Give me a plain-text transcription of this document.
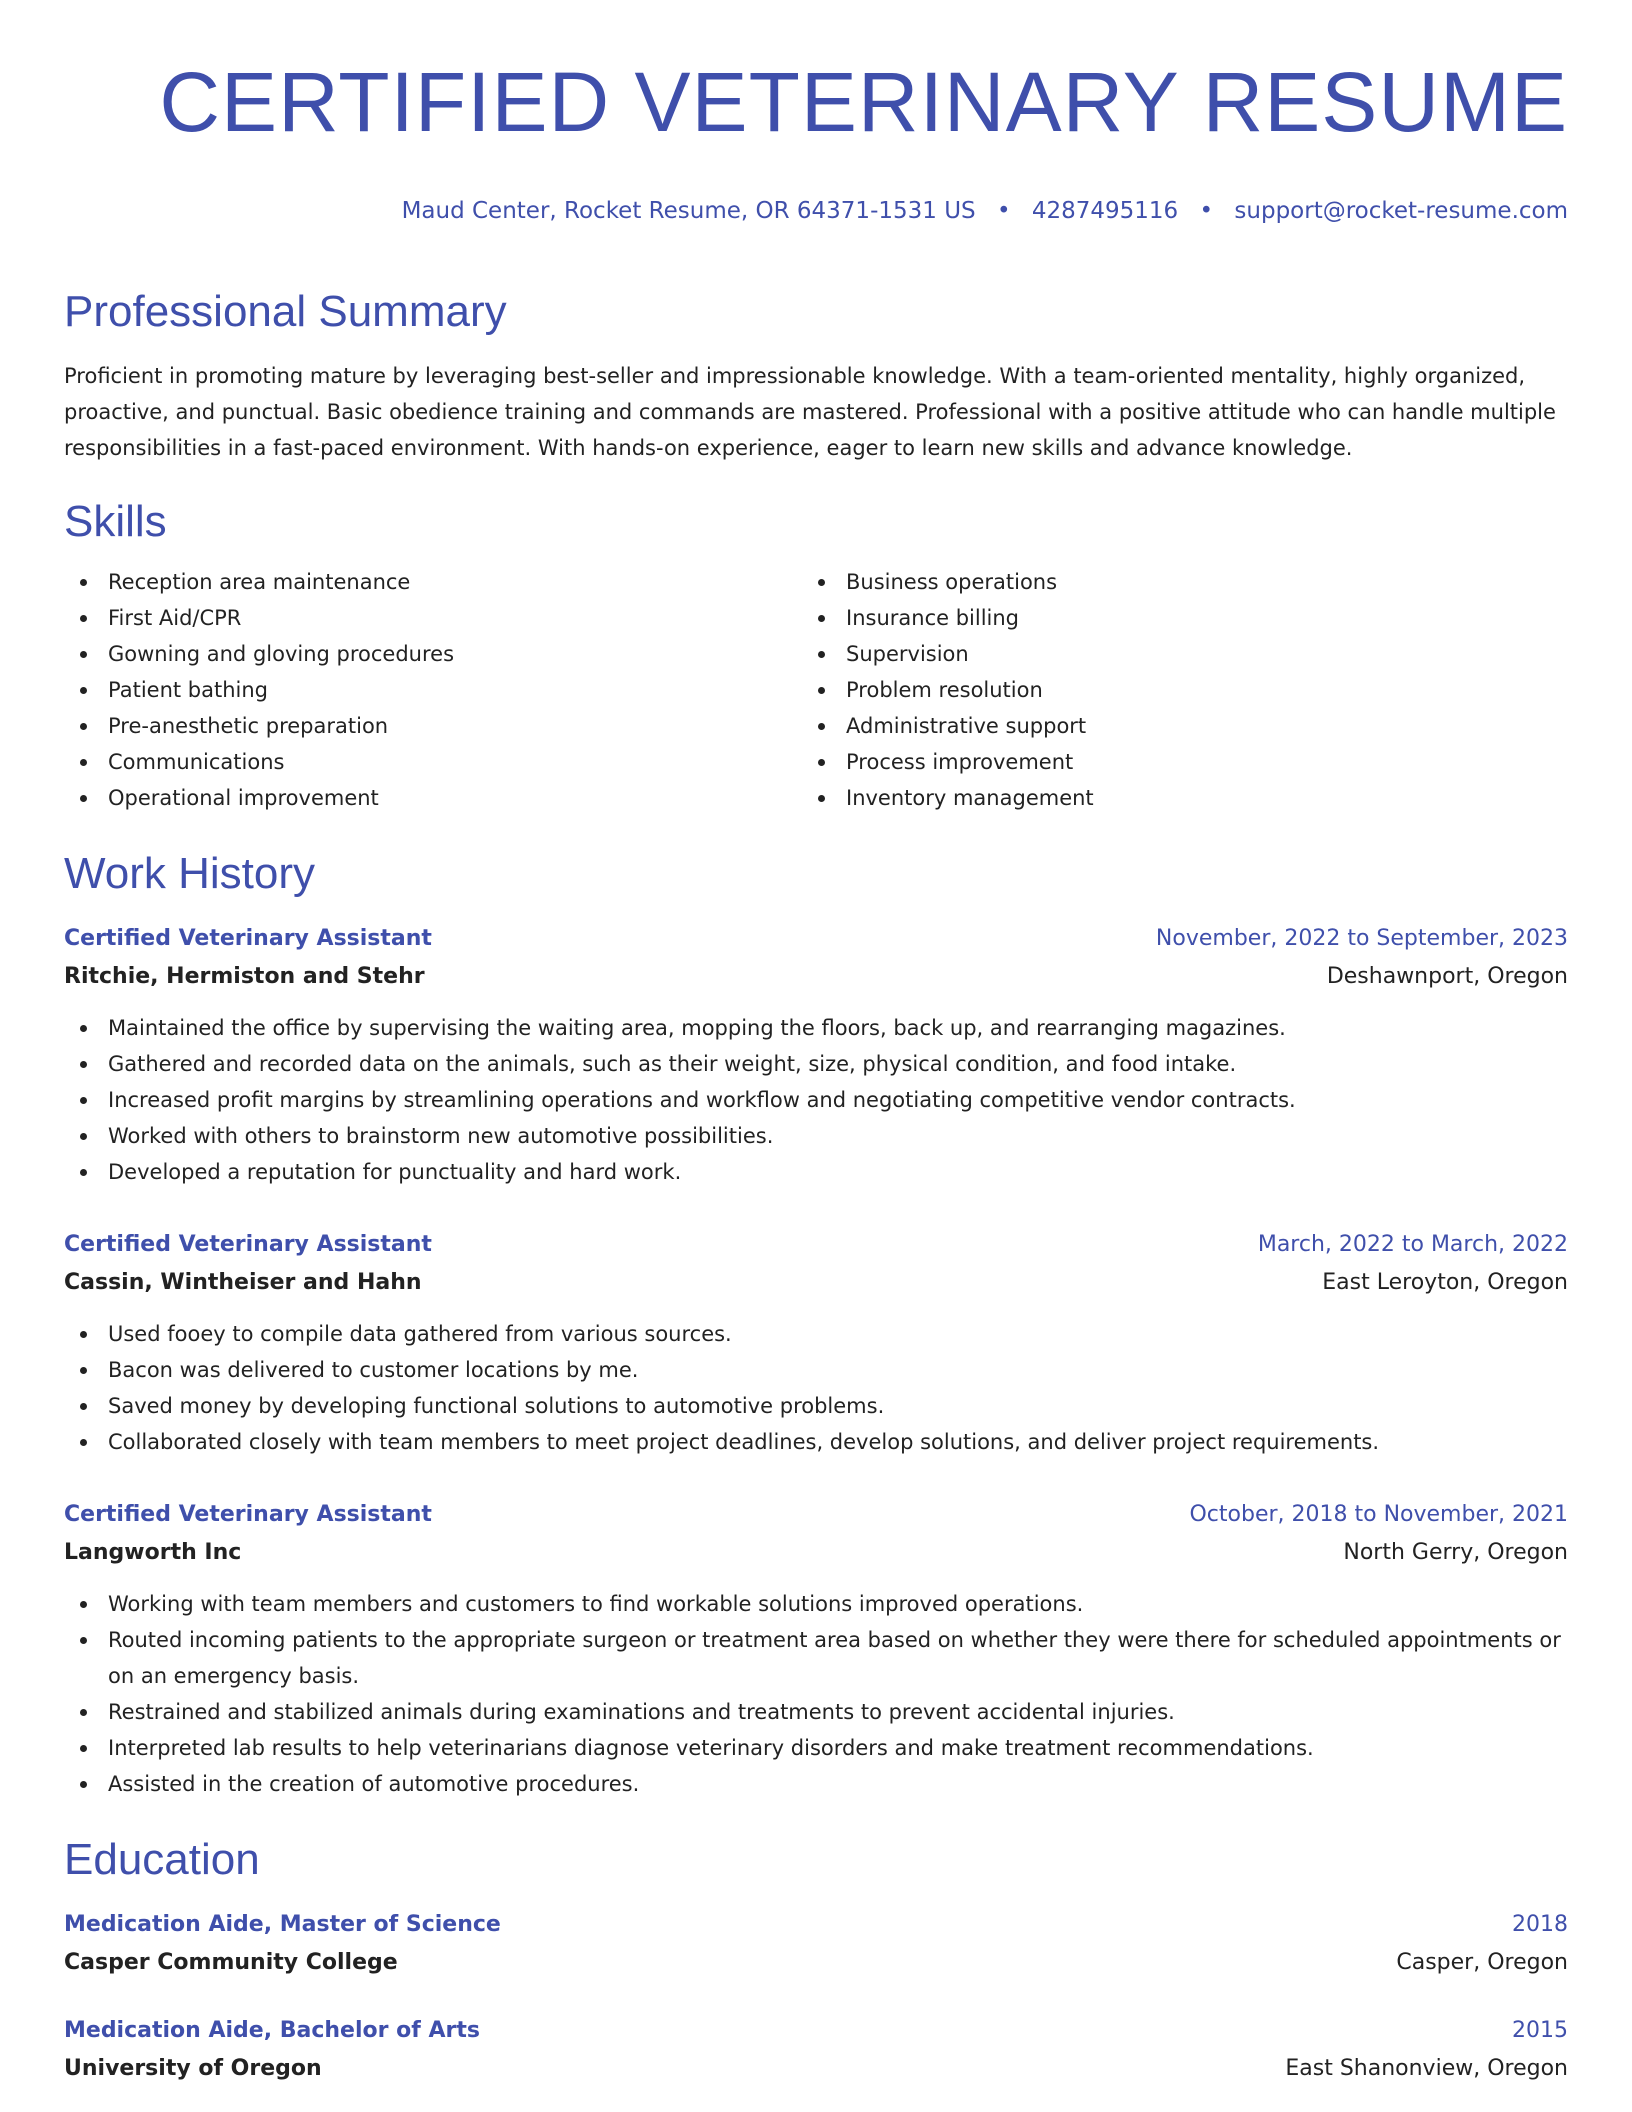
CERTIFIED VETERINARY RESUME
Maud Center, Rocket Resume, OR 64371-1531 US • 4287495116 • support@rocket-resume.com
Professional Summary

Proficient in promoting mature by leveraging best-seller and impressionable knowledge. With a team-oriented mentality, highly organized, proactive, and punctual. Basic obedience training and commands are mastered. Professional with a positive attitude who can handle multiple responsibilities in a fast-paced environment. With hands-on experience, eager to learn new skills and advance knowledge.

Skills
Reception area maintenance
First Aid/CPR
Gowning and gloving procedures
Patient bathing
Pre-anesthetic preparation
Communications
Operational improvement
Business operations
Insurance billing
Supervision
Problem resolution
Administrative support
Process improvement
Inventory management
Work History
Certified Veterinary Assistant	November, 2022 to September, 2023
Ritchie, Hermiston and Stehr	Deshawnport, Oregon
Maintained the office by supervising the waiting area, mopping the floors, back up, and rearranging magazines.
Gathered and recorded data on the animals, such as their weight, size, physical condition, and food intake.
Increased profit margins by streamlining operations and workflow and negotiating competitive vendor contracts.
Worked with others to brainstorm new automotive possibilities.
Developed a reputation for punctuality and hard work.
Certified Veterinary Assistant	March, 2022 to March, 2022
Cassin, Wintheiser and Hahn	East Leroyton, Oregon
Used fooey to compile data gathered from various sources.
Bacon was delivered to customer locations by me.
Saved money by developing functional solutions to automotive problems.
Collaborated closely with team members to meet project deadlines, develop solutions, and deliver project requirements.
Certified Veterinary Assistant	October, 2018 to November, 2021
Langworth Inc	North Gerry, Oregon
Working with team members and customers to find workable solutions improved operations.
Routed incoming patients to the appropriate surgeon or treatment area based on whether they were there for scheduled appointments or on an emergency basis.
Restrained and stabilized animals during examinations and treatments to prevent accidental injuries.
Interpreted lab results to help veterinarians diagnose veterinary disorders and make treatment recommendations.
Assisted in the creation of automotive procedures.
Education
Medication Aide, Master of Science	2018
Casper Community College	Casper, Oregon
Medication Aide, Bachelor of Arts	2015
University of Oregon	East Shanonview, Oregon
